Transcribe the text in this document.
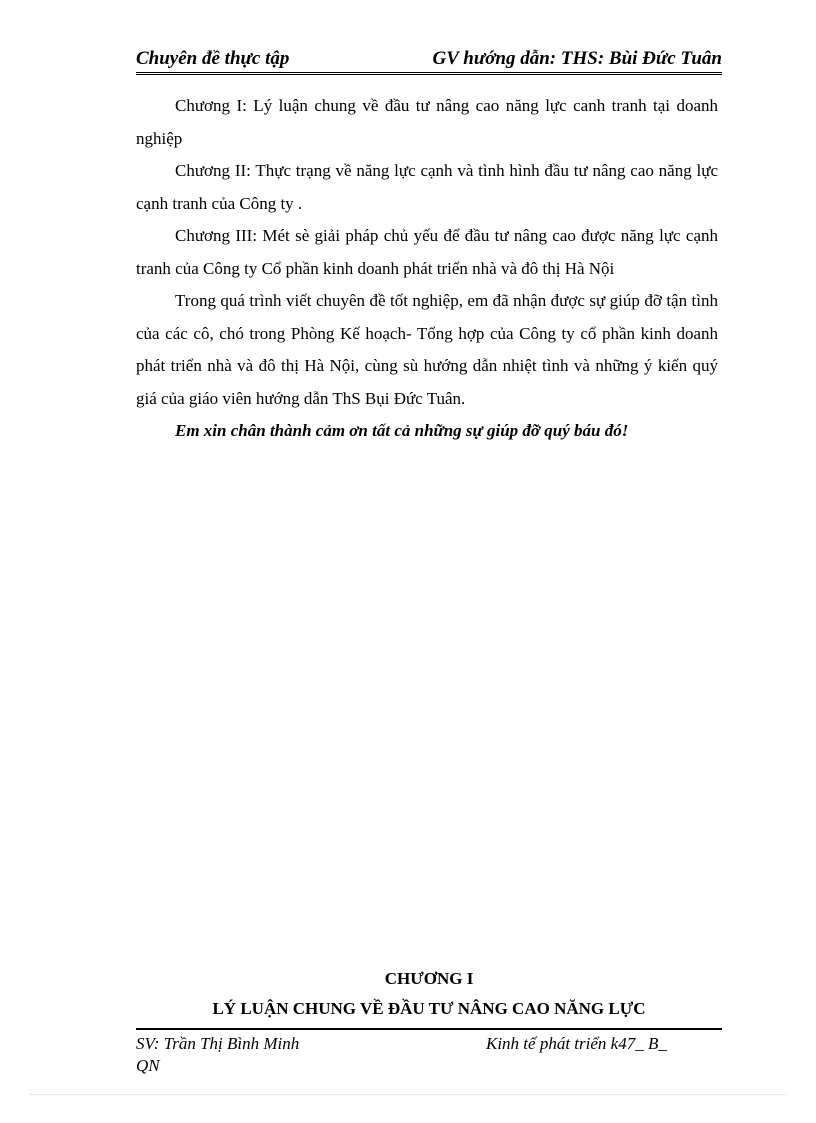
Chuyên đề thực tập	GV hướng dẫn: THS: Bùi Đức Tuân

Chương I: Lý luận chung về đầu tư nâng cao năng lực canh tranh tại doanh nghiệp

Chương II: Thực trạng về năng lực cạnh và tình hình đầu tư nâng cao năng lực cạnh tranh của Công ty .

Chương III: Mét sè giải pháp chủ yếu để đầu tư nâng cao được năng lực cạnh tranh của Công ty Cổ phần kinh doanh phát triển nhà và đô thị Hà Nội

Trong quá trình viết chuyên đề tốt nghiệp, em đã nhận được sự giúp đỡ tận tình của các cô, chó trong Phòng Kế hoạch- Tổng hợp của Công ty cổ phần kinh doanh phát triển nhà và đô thị Hà Nội, cùng sù hướng dẫn nhiệt tình và những ý kiến quý giá của giáo viên hướng dẫn ThS Bụi Đức Tuân.

Em xin chân thành cảm ơn tất cả những sự giúp đỡ quý báu đó!

CHƯƠNG I
LÝ LUẬN CHUNG VỀ ĐẦU TƯ NÂNG CAO NĂNG LỰC
SV: Trần Thị Bình Minh	Kinh tế phát triển k47_ B_
QN
